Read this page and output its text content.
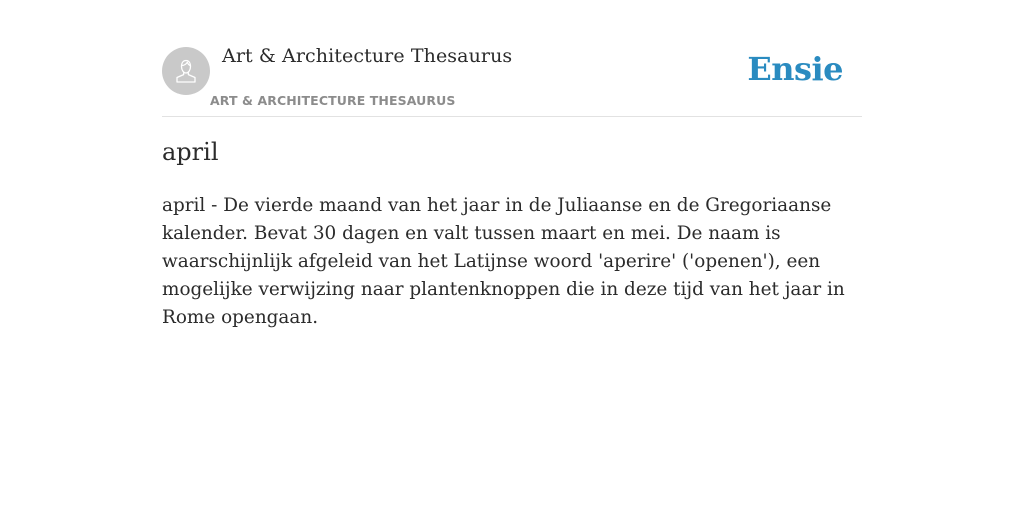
Art & Architecture Thesaurus
ART & ARCHITECTURE THESAURUS
Ensie
april

april - De vierde maand van het jaar in de Juliaanse en de Gregoriaanse kalender. Bevat 30 dagen en valt tussen maart en mei. De naam is waarschijnlijk afgeleid van het Latijnse woord 'aperire' ('openen'), een mogelijke verwijzing naar plantenknoppen die in deze tijd van het jaar in Rome opengaan.
